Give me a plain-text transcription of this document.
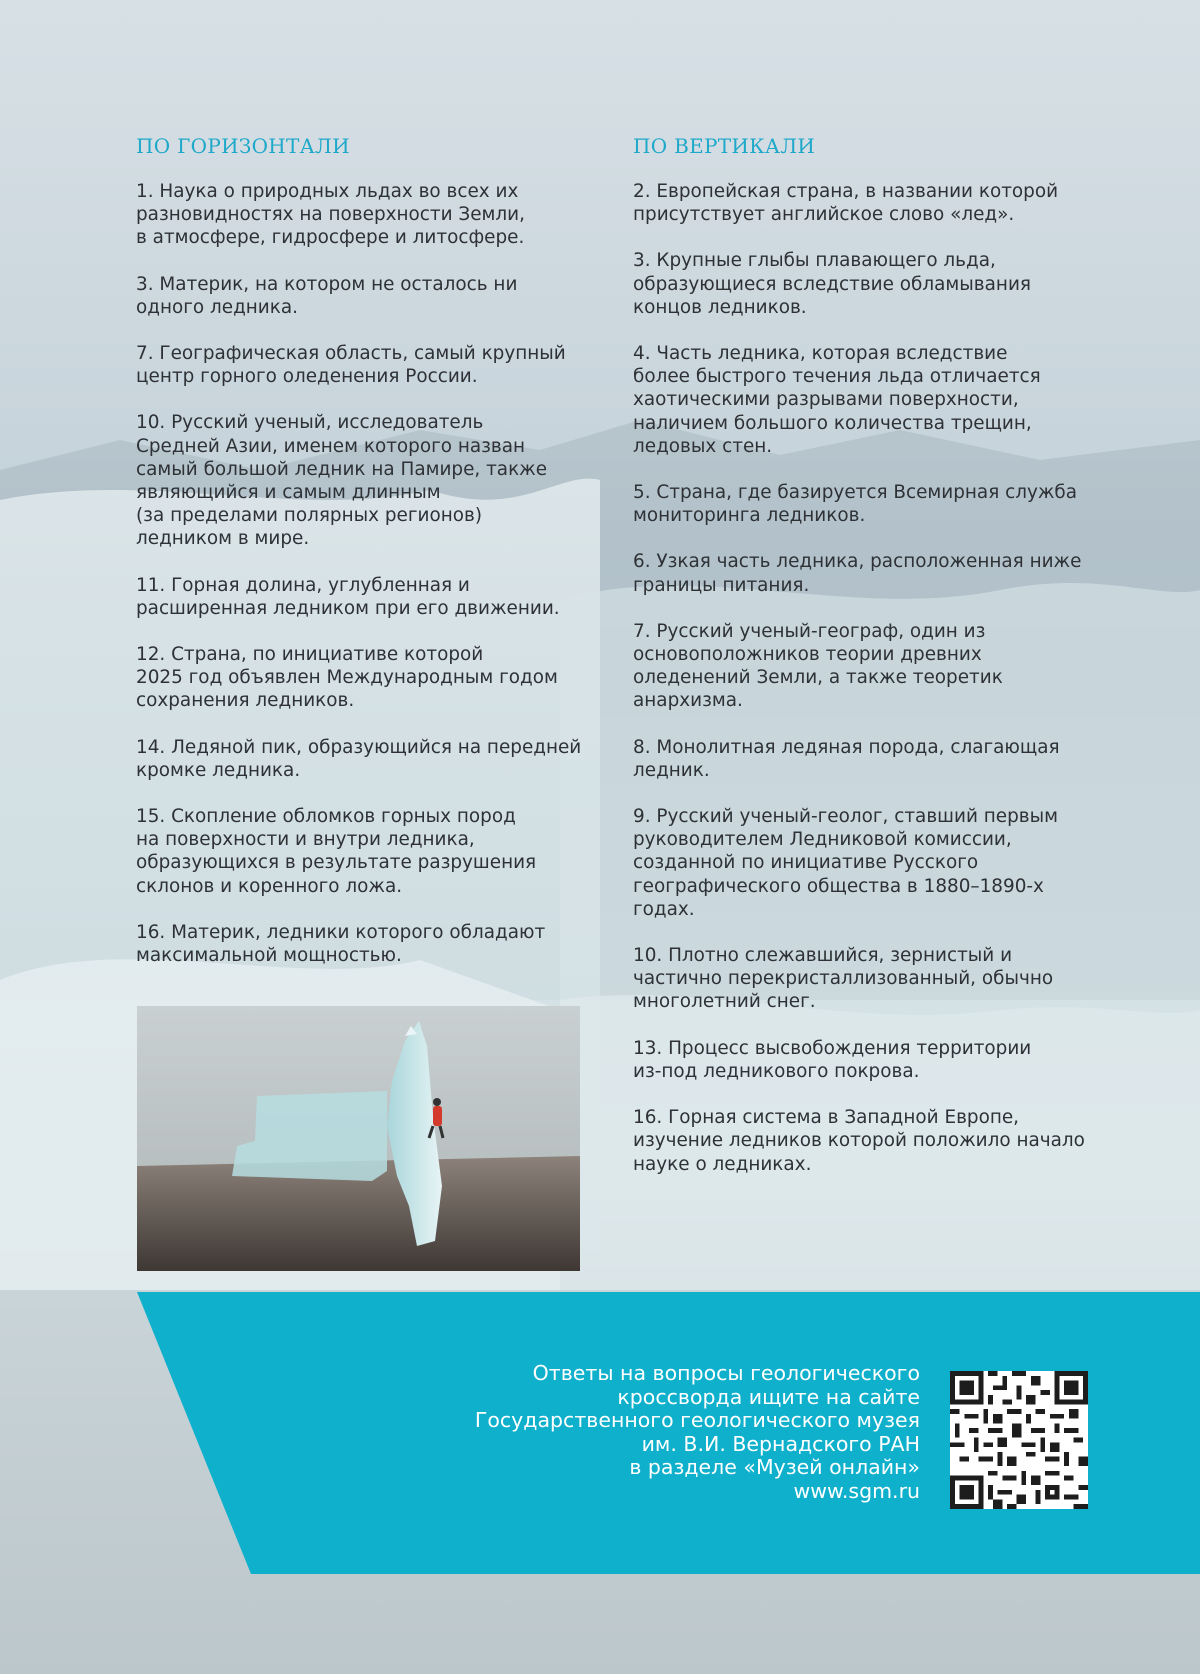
ПО ГОРИЗОНТАЛИ
1. Наука о природных льдах во всех их
разновидностях на поверхности Земли,
в атмосфере, гидросфере и литосфере.
3. Материк, на котором не осталось ни
одного ледника.
7. Географическая область, самый крупный
центр горного оледенения России.
10. Русский ученый, исследователь
Средней Азии, именем которого назван
самый большой ледник на Памире, также
являющийся и самым длинным
(за пределами полярных регионов)
ледником в мире.
11. Горная долина, углубленная и
расширенная ледником при его движении.
12. Страна, по инициативе которой
2025 год объявлен Международным годом
сохранения ледников.
14. Ледяной пик, образующийся на передней
кромке ледника.
15. Скопление обломков горных пород
на поверхности и внутри ледника,
образующихся в результате разрушения
склонов и коренного ложа.
16. Материк, ледники которого обладают
максимальной мощностью.
ПО ВЕРТИКАЛИ
2. Европейская страна, в названии которой
присутствует английское слово «лед».
3. Крупные глыбы плавающего льда,
образующиеся вследствие обламывания
концов ледников.
4. Часть ледника, которая вследствие
более быстрого течения льда отличается
хаотическими разрывами поверхности,
наличием большого количества трещин,
ледовых стен.
5. Страна, где базируется Всемирная служба
мониторинга ледников.
6. Узкая часть ледника, расположенная ниже
границы питания.
7. Русский ученый-географ, один из
основоположников теории древних
оледенений Земли, а также теоретик
анархизма.
8. Монолитная ледяная порода, слагающая
ледник.
9. Русский ученый-геолог, ставший первым
руководителем Ледниковой комиссии,
созданной по инициативе Русского
географического общества в 1880–1890-х
годах.
10. Плотно слежавшийся, зернистый и
частично перекристаллизованный, обычно
многолетний снег.
13. Процесс высвобождения территории
из-под ледникового покрова.
16. Горная система в Западной Европе,
изучение ледников которой положило начало
науке о ледниках.
Ответы на вопросы геологического
кроссворда ищите на сайте
Государственного геологического музея
им. В.И. Вернадского РАН
в разделе «Музей онлайн»
www.sgm.ru
